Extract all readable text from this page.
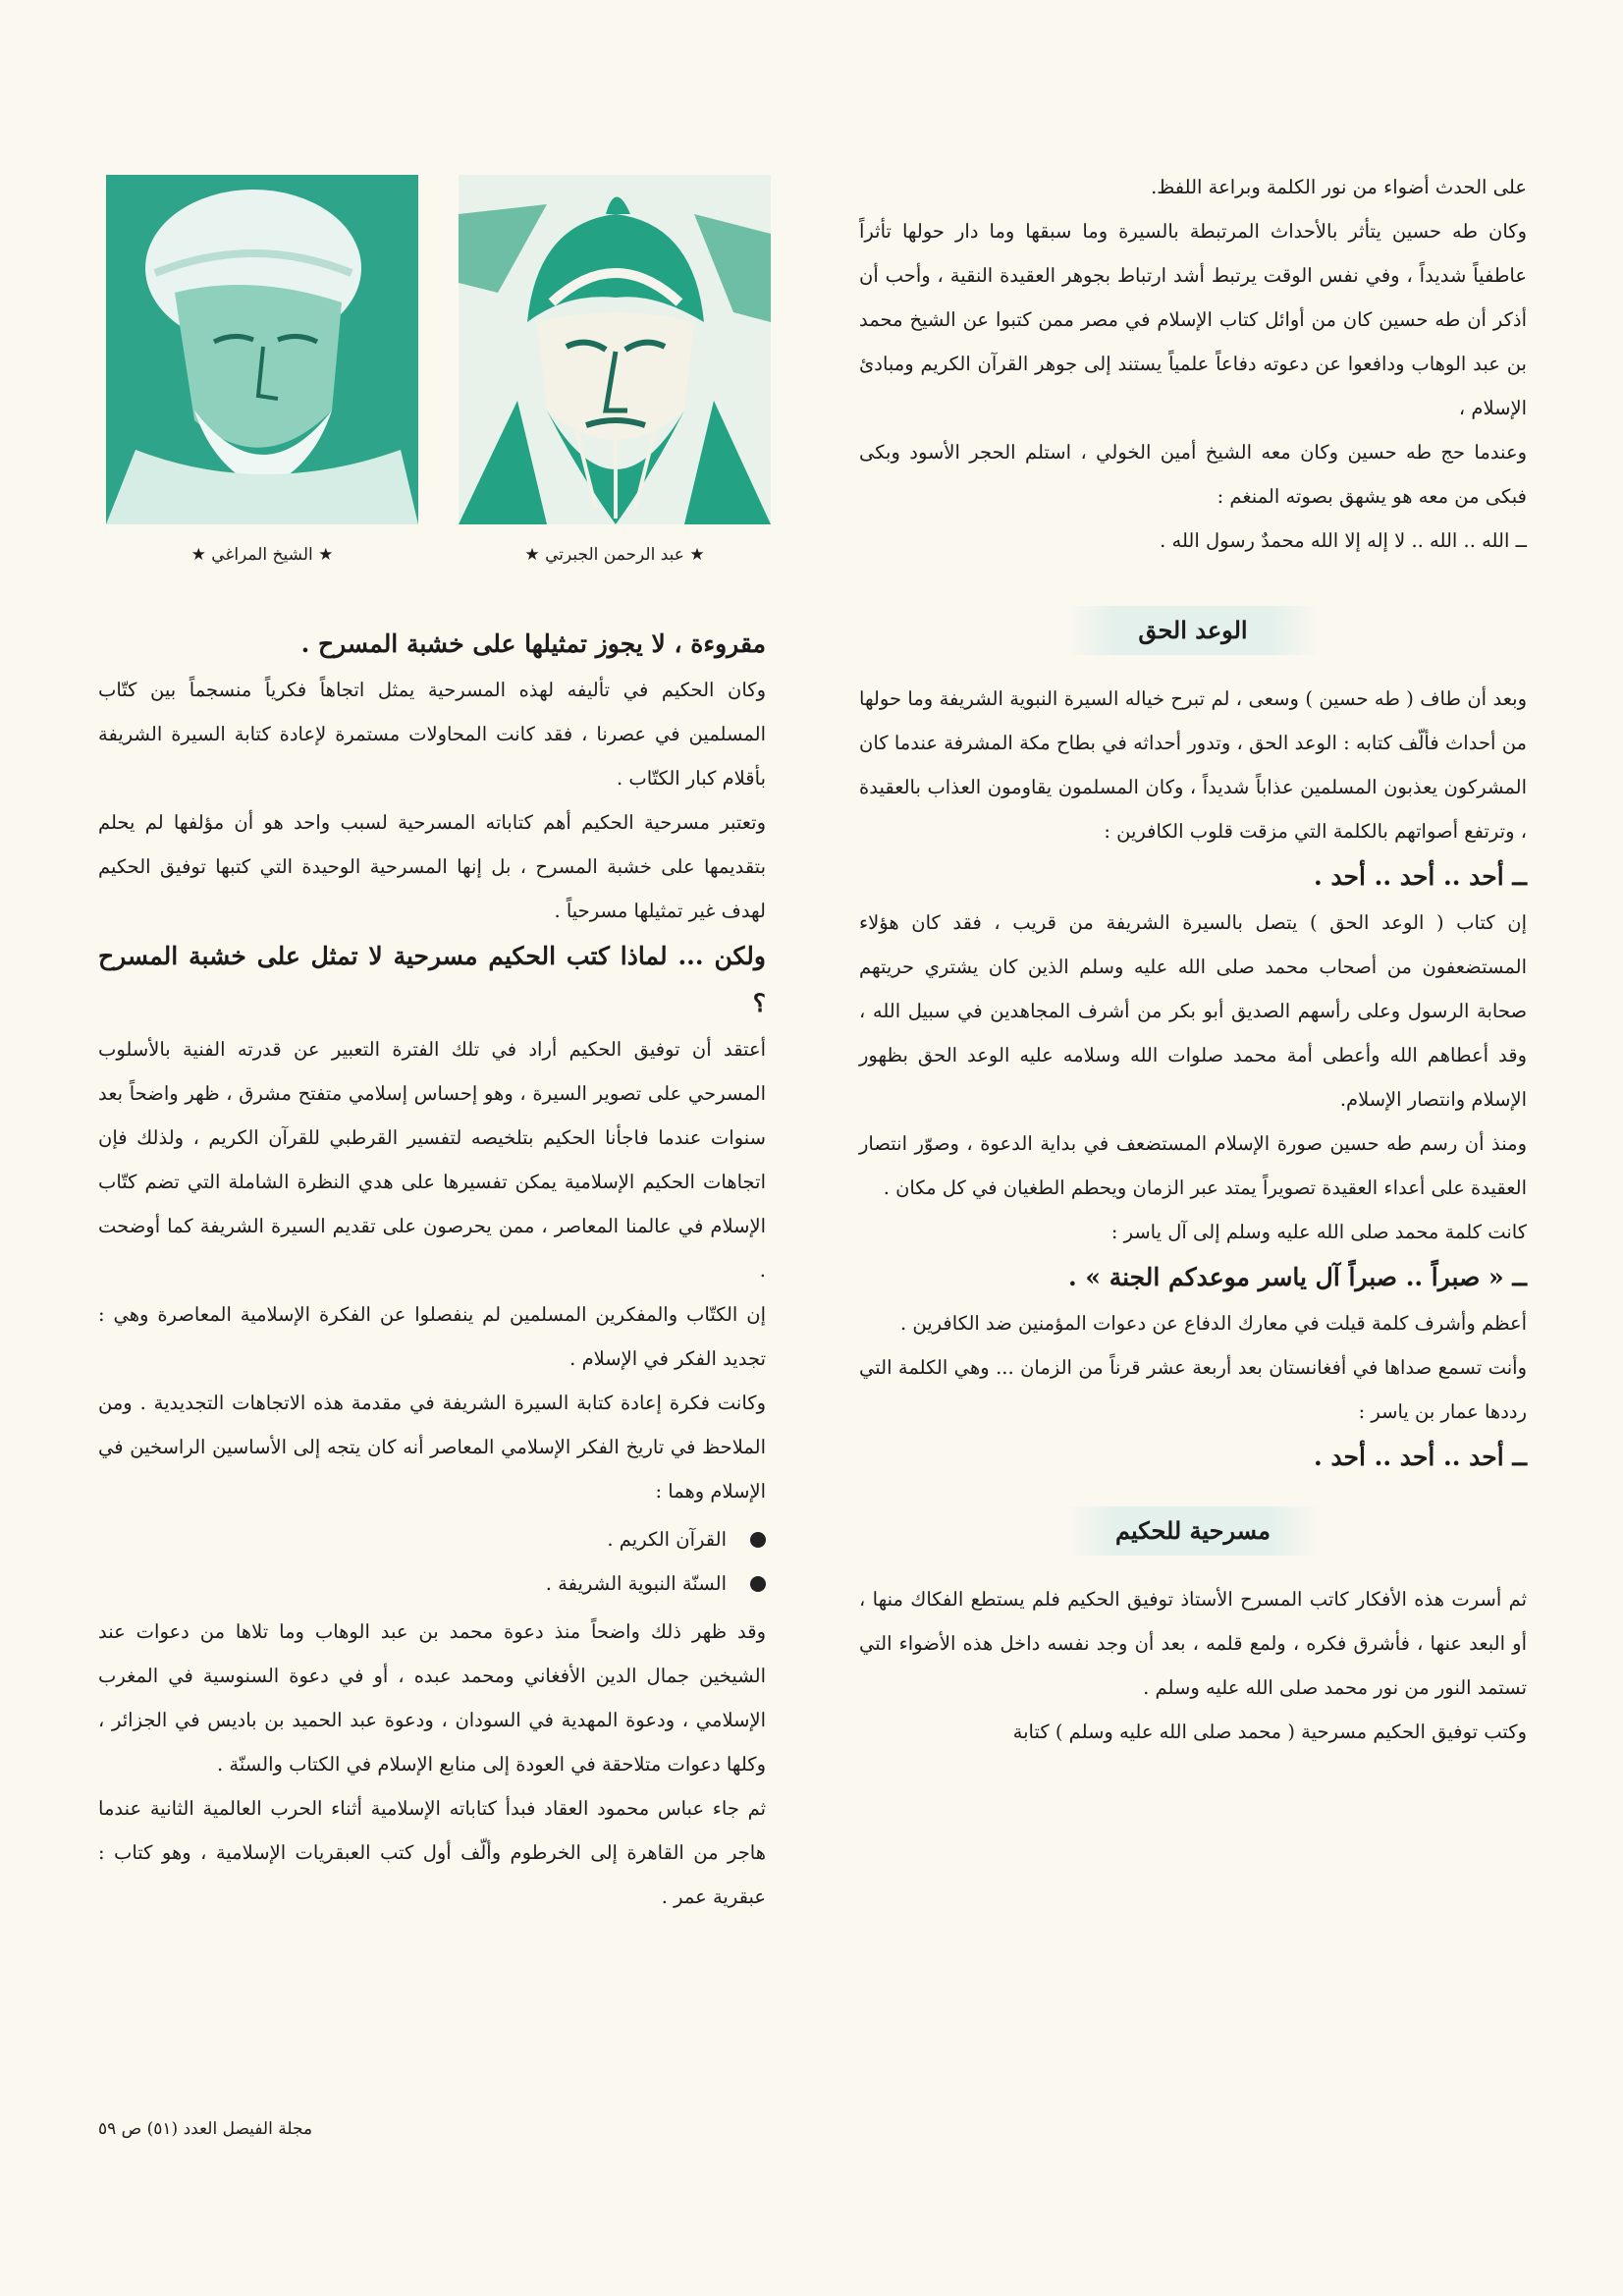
★ عبد الرحمن الجبرتي ★
★ الشيخ المراغي ★

على الحدث أضواء من نور الكلمة وبراعة اللفظ.

وكان طه حسين يتأثر بالأحداث المرتبطة بالسيرة وما سبقها وما دار حولها تأثراً عاطفياً شديداً ، وفي نفس الوقت يرتبط أشد ارتباط بجوهر العقيدة النقية ، وأحب أن أذكر أن طه حسين كان من أوائل كتاب الإسلام في مصر ممن كتبوا عن الشيخ محمد بن عبد الوهاب ودافعوا عن دعوته دفاعاً علمياً يستند إلى جوهر القرآن الكريم ومبادئ الإسلام ،

وعندما حج طه حسين وكان معه الشيخ أمين الخولي ، استلم الحجر الأسود وبكى فبكى من معه هو يشهق بصوته المنغم :

ــ الله .. الله .. لا إله إلا الله محمدٌ رسول الله .

الوعد الحق

وبعد أن طاف ( طه حسين ) وسعى ، لم تبرح خياله السيرة النبوية الشريفة وما حولها من أحداث فألّف كتابه : الوعد الحق ، وتدور أحداثه في بطاح مكة المشرفة عندما كان المشركون يعذبون المسلمين عذاباً شديداً ، وكان المسلمون يقاومون العذاب بالعقيدة ، وترتفع أصواتهم بالكلمة التي مزقت قلوب الكافرين :

ــ أحد .. أحد .. أحد .

إن كتاب ( الوعد الحق ) يتصل بالسيرة الشريفة من قريب ، فقد كان هؤلاء المستضعفون من أصحاب محمد صلى الله عليه وسلم الذين كان يشتري حريتهم صحابة الرسول وعلى رأسهم الصديق أبو بكر من أشرف المجاهدين في سبيل الله ، وقد أعطاهم الله وأعطى أمة محمد صلوات الله وسلامه عليه الوعد الحق بظهور الإسلام وانتصار الإسلام.

ومنذ أن رسم طه حسين صورة الإسلام المستضعف في بداية الدعوة ، وصوّر انتصار العقيدة على أعداء العقيدة تصويراً يمتد عبر الزمان ويحطم الطغيان في كل مكان .

كانت كلمة محمد صلى الله عليه وسلم إلى آل ياسر :

ــ « صبراً .. صبراً آل ياسر موعدكم الجنة » .

أعظم وأشرف كلمة قيلت في معارك الدفاع عن دعوات المؤمنين ضد الكافرين .

وأنت تسمع صداها في أفغانستان بعد أربعة عشر قرناً من الزمان ... وهي الكلمة التي رددها عمار بن ياسر :

ــ أحد .. أحد .. أحد .

مسرحية للحكيم

ثم أسرت هذه الأفكار كاتب المسرح الأستاذ توفيق الحكيم فلم يستطع الفكاك منها ، أو البعد عنها ، فأشرق فكره ، ولمع قلمه ، بعد أن وجد نفسه داخل هذه الأضواء التي تستمد النور من نور محمد صلى الله عليه وسلم .

وكتب توفيق الحكيم مسرحية ( محمد صلى الله عليه وسلم ) كتابة

مقروءة ، لا يجوز تمثيلها على خشبة المسرح .

وكان الحكيم في تأليفه لهذه المسرحية يمثل اتجاهاً فكرياً منسجماً بين كتّاب المسلمين في عصرنا ، فقد كانت المحاولات مستمرة لإعادة كتابة السيرة الشريفة بأقلام كبار الكتّاب .

وتعتبر مسرحية الحكيم أهم كتاباته المسرحية لسبب واحد هو أن مؤلفها لم يحلم بتقديمها على خشبة المسرح ، بل إنها المسرحية الوحيدة التي كتبها توفيق الحكيم لهدف غير تمثيلها مسرحياً .

ولكن ... لماذا كتب الحكيم مسرحية لا تمثل على خشبة المسرح ؟

أعتقد أن توفيق الحكيم أراد في تلك الفترة التعبير عن قدرته الفنية بالأسلوب المسرحي على تصوير السيرة ، وهو إحساس إسلامي متفتح مشرق ، ظهر واضحاً بعد سنوات عندما فاجأنا الحكيم بتلخيصه لتفسير القرطبي للقرآن الكريم ، ولذلك فإن اتجاهات الحكيم الإسلامية يمكن تفسيرها على هدي النظرة الشاملة التي تضم كتّاب الإسلام في عالمنا المعاصر ، ممن يحرصون على تقديم السيرة الشريفة كما أوضحت .

إن الكتّاب والمفكرين المسلمين لم ينفصلوا عن الفكرة الإسلامية المعاصرة وهي : تجديد الفكر في الإسلام .

وكانت فكرة إعادة كتابة السيرة الشريفة في مقدمة هذه الاتجاهات التجديدية . ومن الملاحظ في تاريخ الفكر الإسلامي المعاصر أنه كان يتجه إلى الأساسين الراسخين في الإسلام وهما :

القرآن الكريم .
السنّة النبوية الشريفة .

وقد ظهر ذلك واضحاً منذ دعوة محمد بن عبد الوهاب وما تلاها من دعوات عند الشيخين جمال الدين الأفغاني ومحمد عبده ، أو في دعوة السنوسية في المغرب الإسلامي ، ودعوة المهدية في السودان ، ودعوة عبد الحميد بن باديس في الجزائر ، وكلها دعوات متلاحقة في العودة إلى منابع الإسلام في الكتاب والسنّة .

ثم جاء عباس محمود العقاد فبدأ كتاباته الإسلامية أثناء الحرب العالمية الثانية عندما هاجر من القاهرة إلى الخرطوم وألّف أول كتب العبقريات الإسلامية ، وهو كتاب : عبقرية عمر .

مجلة الفيصل العدد (٥١) ص ٥٩
